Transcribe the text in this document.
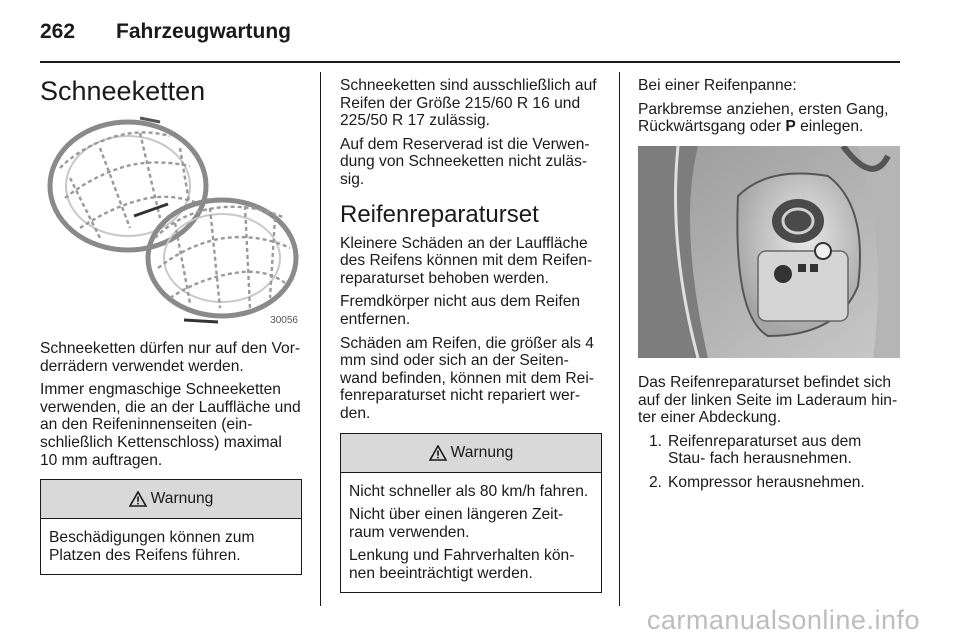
262 Fahrzeugwartung
Schneeketten
30056

Schneeketten dürfen nur auf den Vor- derrädern verwendet werden.

Immer engmaschige Schneeketten verwenden, die an der Lauffläche und an den Reifeninnenseiten (ein- schließlich Kettenschloss) maximal 10 mm auftragen.

Warnung

Beschädigungen können zum Platzen des Reifens führen.

Schneeketten sind ausschließlich auf Reifen der Größe 215/60 R 16 und 225/50 R 17 zulässig.

Auf dem Reserverad ist die Verwen- dung von Schneeketten nicht zuläs- sig.

Reifenreparaturset

Kleinere Schäden an der Lauffläche des Reifens können mit dem Reifen- reparaturset behoben werden.

Fremdkörper nicht aus dem Reifen entfernen.

Schäden am Reifen, die größer als 4 mm sind oder sich an der Seiten- wand befinden, können mit dem Rei- fenreparaturset nicht repariert wer- den.

Warnung

Nicht schneller als 80 km/h fahren.

Nicht über einen längeren Zeit- raum verwenden.

Lenkung und Fahrverhalten kön- nen beeinträchtigt werden.

Bei einer Reifenpanne:

Parkbremse anziehen, ersten Gang, Rückwärtsgang oder P einlegen.

Das Reifenreparaturset befindet sich auf der linken Seite im Laderaum hin- ter einer Abdeckung.

1. Reifenreparaturset aus dem Stau- fach herausnehmen.
2. Kompressor herausnehmen.
carmanualsonline.info
